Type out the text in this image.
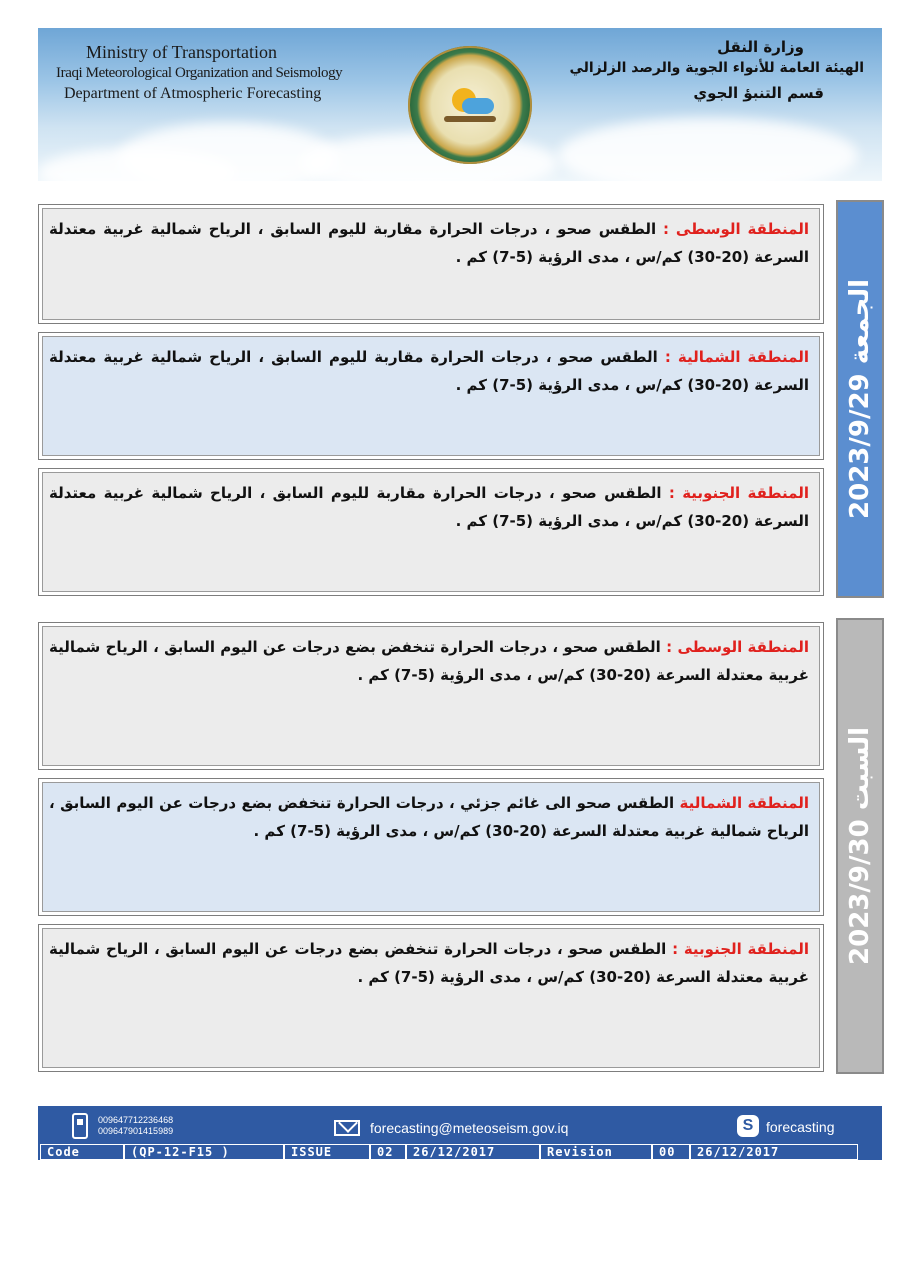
Ministry of Transportation
Iraqi Meteorological Organization and Seismology
Department of Atmospheric Forecasting
وزارة النقل
الهيئة العامة للأنواء الجوية والرصد الزلزالي
قسم التنبؤ الجوي
المنطقة الوسطى : الطقس صحو ، درجات الحرارة مقاربة لليوم السابق ، الرياح شمالية غربية معتدلة السرعة (20-30) كم/س ، مدى الرؤية (5-7) كم .
المنطقة الشمالية : الطقس صحو ، درجات الحرارة مقاربة لليوم السابق ، الرياح شمالية غربية معتدلة السرعة (20-30) كم/س ، مدى الرؤية (5-7) كم .
المنطقة الجنوبية : الطقس صحو ، درجات الحرارة مقاربة لليوم السابق ، الرياح شمالية غربية معتدلة السرعة (20-30) كم/س ، مدى الرؤية (5-7) كم .
الجمعة 2023/9/29
المنطقة الوسطى : الطقس صحو ، درجات الحرارة تنخفض بضع درجات عن اليوم السابق ، الرياح شمالية غربية معتدلة السرعة (20-30) كم/س ، مدى الرؤية (5-7) كم .
المنطقة الشمالية الطقس صحو الى غائم جزئي ، درجات الحرارة تنخفض بضع درجات عن اليوم السابق ، الرياح شمالية غربية معتدلة السرعة (20-30) كم/س ، مدى الرؤية (5-7) كم .
المنطقة الجنوبية : الطقس صحو ، درجات الحرارة تنخفض بضع درجات عن اليوم السابق ، الرياح شمالية غربية معتدلة السرعة (20-30) كم/س ، مدى الرؤية (5-7) كم .
السبت 2023/9/30
009647712236468
009647901415989	forecasting@meteoseism.gov.iq	S forecasting
Code	(QP-12-F15 )	ISSUE	02	26/12/2017	Revision	00	26/12/2017
